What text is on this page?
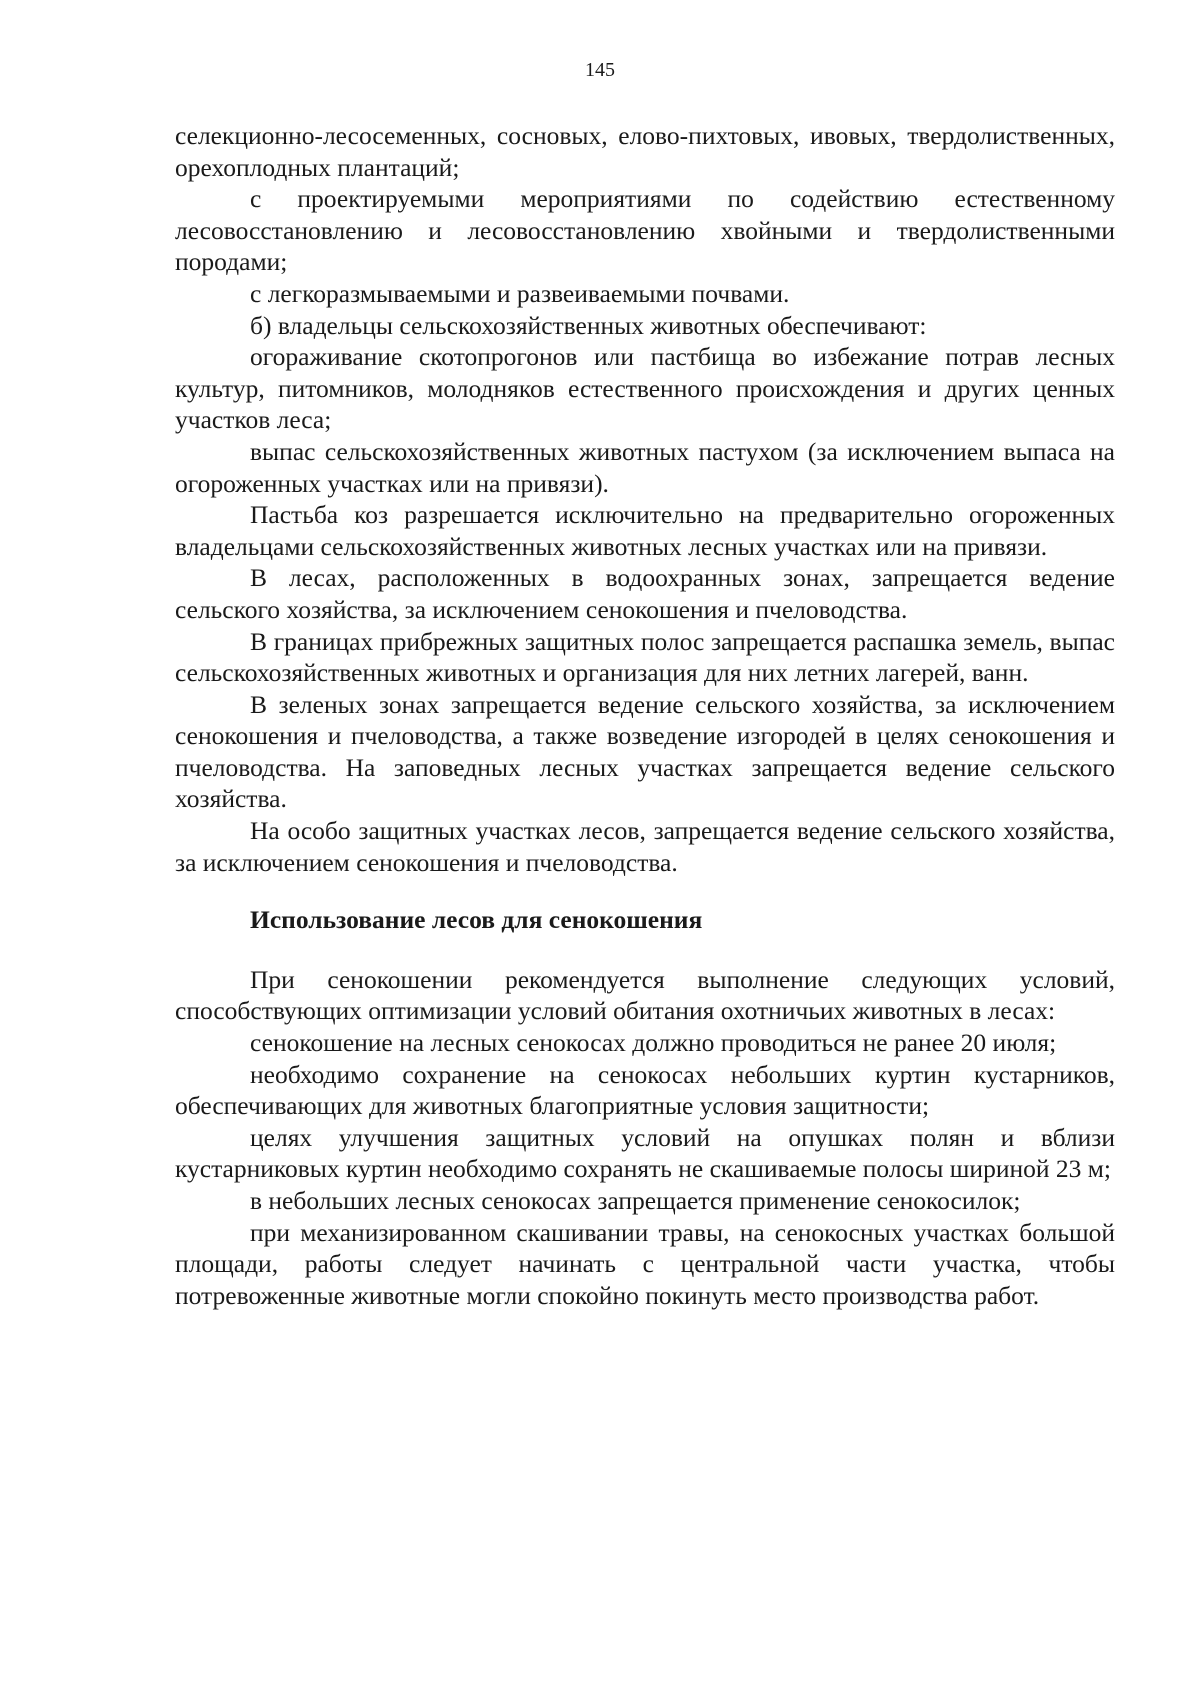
145

селекционно-лесосеменных, сосновых, елово-пихтовых, ивовых, твердолиственных, орехоплодных плантаций;

с проектируемыми мероприятиями по содействию естественному лесовосстановлению и лесовосстановлению хвойными и твердолиственными породами;

с легкоразмываемыми и развеиваемыми почвами.

б) владельцы сельскохозяйственных животных обеспечивают:

огораживание скотопрогонов или пастбища во избежание потрав лесных культур, питомников, молодняков естественного происхождения и других ценных участков леса;

выпас сельскохозяйственных животных пастухом (за исключением выпаса на огороженных участках или на привязи).

Пастьба коз разрешается исключительно на предварительно огороженных владельцами сельскохозяйственных животных лесных участках или на привязи.

В лесах, расположенных в водоохранных зонах, запрещается ведение сельского хозяйства, за исключением сенокошения и пчеловодства.

В границах прибрежных защитных полос запрещается распашка земель, выпас сельскохозяйственных животных и организация для них летних лагерей, ванн.

В зеленых зонах запрещается ведение сельского хозяйства, за исключением сенокошения и пчеловодства, а также возведение изгородей в целях сенокошения и пчеловодства. На заповедных лесных участках запрещается ведение сельского хозяйства.

На особо защитных участках лесов, запрещается ведение сельского хозяйства, за исключением сенокошения и пчеловодства.

Использование лесов для сенокошения

При сенокошении рекомендуется выполнение следующих условий, способствующих оптимизации условий обитания охотничьих животных в лесах:

сенокошение на лесных сенокосах должно проводиться не ранее 20 июля;

необходимо сохранение на сенокосах небольших куртин кустарников, обеспечивающих для животных благоприятные условия защитности;

целях улучшения защитных условий на опушках полян и вблизи кустарниковых куртин необходимо сохранять не скашиваемые полосы шириной 23 м;

в небольших лесных сенокосах запрещается применение сенокосилок;

при механизированном скашивании травы, на сенокосных участках большой площади, работы следует начинать с центральной части участка, чтобы потревоженные животные могли спокойно покинуть место производства работ.
